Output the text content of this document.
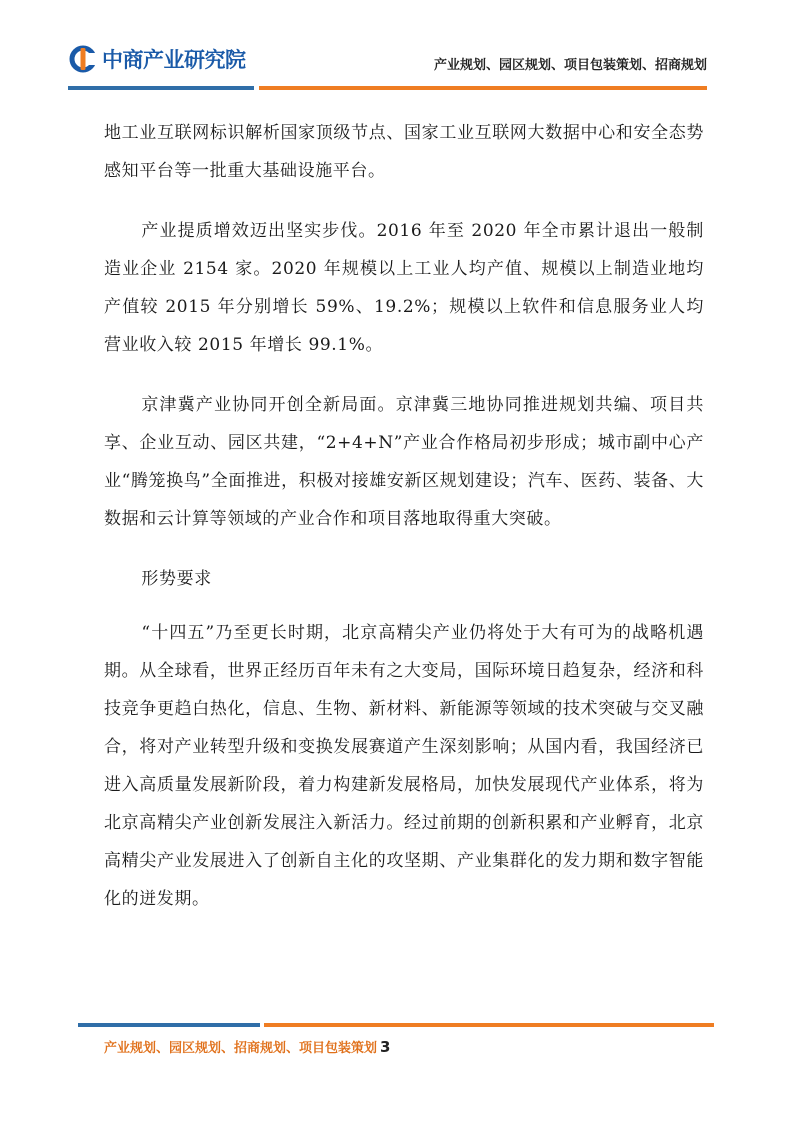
中商产业研究院	产业规划、园区规划、项目包装策划、招商规划

地工业互联网标识解析国家顶级节点、国家工业互联网大数据中心和安全态势感知平台等一批重大基础设施平台。

产业提质增效迈出坚实步伐。2016 年至 2020 年全市累计退出一般制造业企业 2154 家。2020 年规模以上工业人均产值、规模以上制造业地均产值较 2015 年分别增长 59%、19.2%；规模以上软件和信息服务业人均营业收入较 2015 年增长 99.1%。

京津冀产业协同开创全新局面。京津冀三地协同推进规划共编、项目共享、企业互动、园区共建，“2+4+N”产业合作格局初步形成；城市副中心产业“腾笼换鸟”全面推进，积极对接雄安新区规划建设；汽车、医药、装备、大数据和云计算等领域的产业合作和项目落地取得重大突破。

形势要求

“十四五”乃至更长时期，北京高精尖产业仍将处于大有可为的战略机遇期。从全球看，世界正经历百年未有之大变局，国际环境日趋复杂，经济和科技竞争更趋白热化，信息、生物、新材料、新能源等领域的技术突破与交叉融合，将对产业转型升级和变换发展赛道产生深刻影响；从国内看，我国经济已进入高质量发展新阶段，着力构建新发展格局，加快发展现代产业体系，将为北京高精尖产业创新发展注入新活力。经过前期的创新积累和产业孵育，北京高精尖产业发展进入了创新自主化的攻坚期、产业集群化的发力期和数字智能化的迸发期。

产业规划、园区规划、招商规划、项目包装策划 3
